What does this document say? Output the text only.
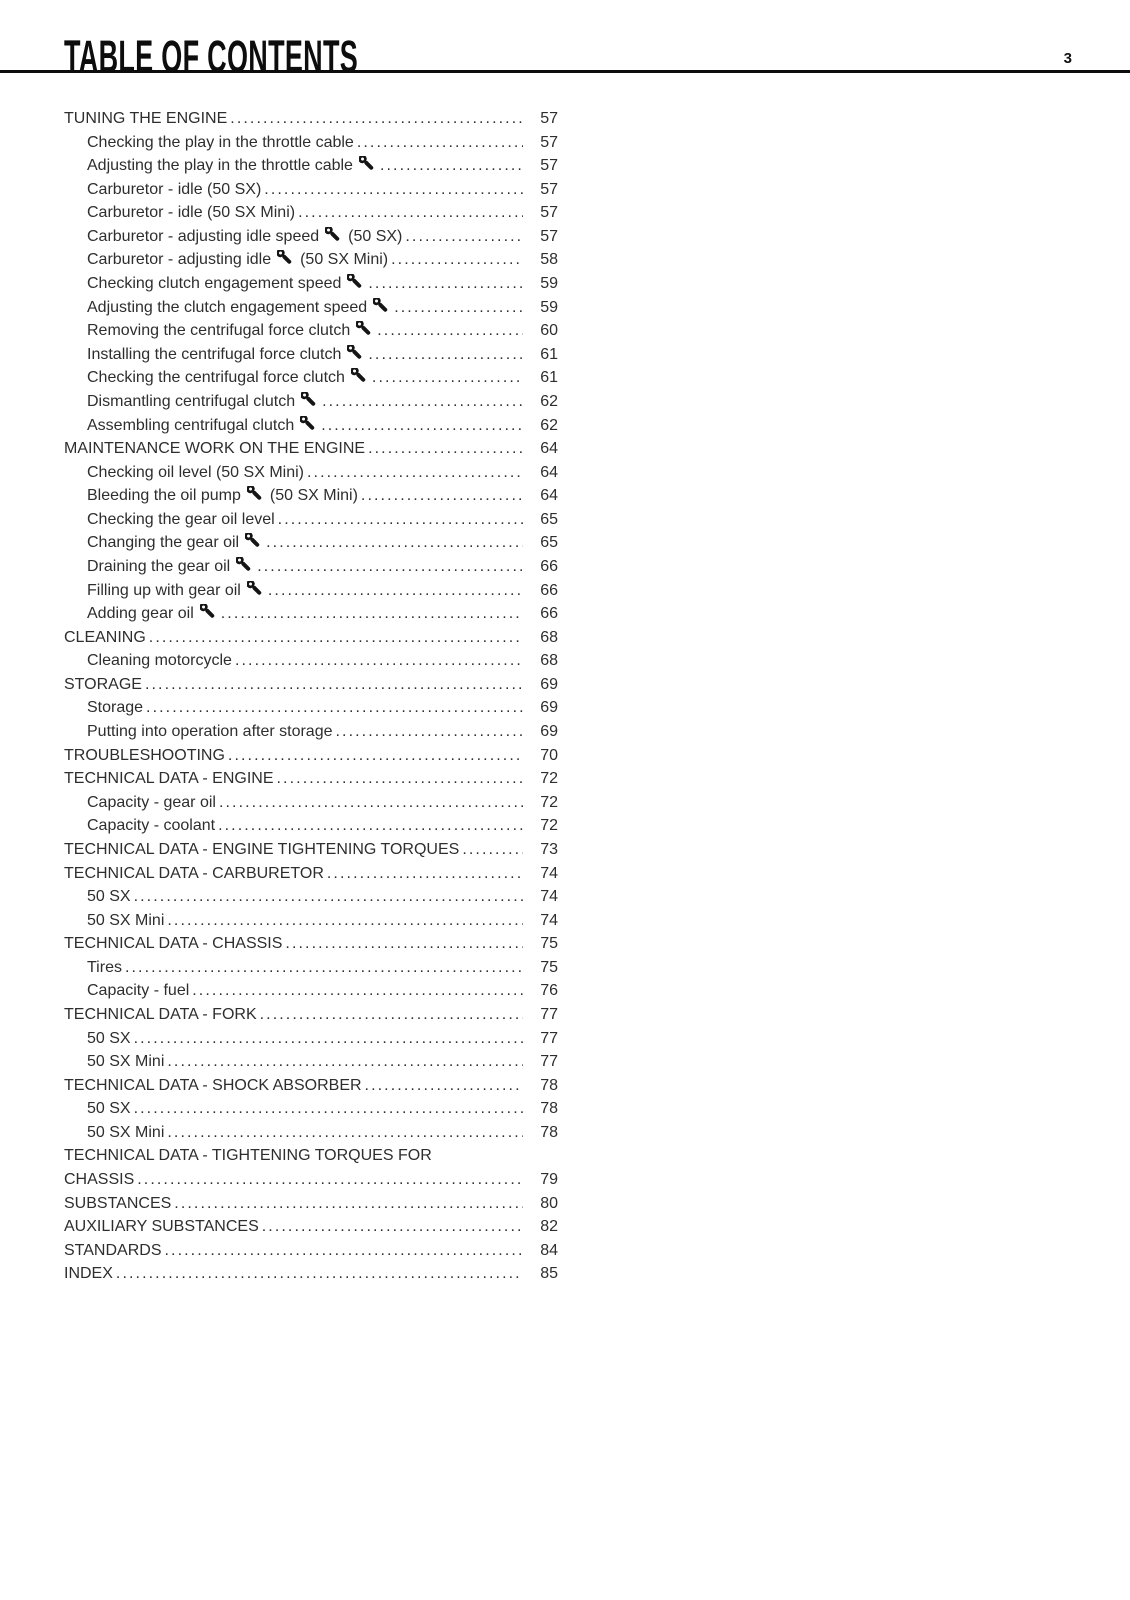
TABLE OF CONTENTS	3
TUNING THE ENGINE .....	57
Checking the play in the throttle cable .....	57
Adjusting the play in the throttle cable .....	57
Carburetor - idle (50 SX) .....	57
Carburetor - idle (50 SX Mini) .....	57
Carburetor - adjusting idle speed (50 SX) .....	57
Carburetor - adjusting idle (50 SX Mini) .....	58
Checking clutch engagement speed .....	59
Adjusting the clutch engagement speed .....	59
Removing the centrifugal force clutch .....	60
Installing the centrifugal force clutch .....	61
Checking the centrifugal force clutch .....	61
Dismantling centrifugal clutch .....	62
Assembling centrifugal clutch .....	62
MAINTENANCE WORK ON THE ENGINE .....	64
Checking oil level (50 SX Mini) .....	64
Bleeding the oil pump (50 SX Mini) .....	64
Checking the gear oil level .....	65
Changing the gear oil .....	65
Draining the gear oil .....	66
Filling up with gear oil .....	66
Adding gear oil .....	66
CLEANING .....	68
Cleaning motorcycle .....	68
STORAGE .....	69
Storage .....	69
Putting into operation after storage .....	69
TROUBLESHOOTING .....	70
TECHNICAL DATA - ENGINE .....	72
Capacity - gear oil .....	72
Capacity - coolant .....	72
TECHNICAL DATA - ENGINE TIGHTENING TORQUES .....	73
TECHNICAL DATA - CARBURETOR .....	74
50 SX .....	74
50 SX Mini .....	74
TECHNICAL DATA - CHASSIS .....	75
Tires .....	75
Capacity - fuel .....	76
TECHNICAL DATA - FORK .....	77
50 SX .....	77
50 SX Mini .....	77
TECHNICAL DATA - SHOCK ABSORBER .....	78
50 SX .....	78
50 SX Mini .....	78
TECHNICAL DATA - TIGHTENING TORQUES FOR
CHASSIS .....	79
SUBSTANCES .....	80
AUXILIARY SUBSTANCES .....	82
STANDARDS .....	84
INDEX .....	85
